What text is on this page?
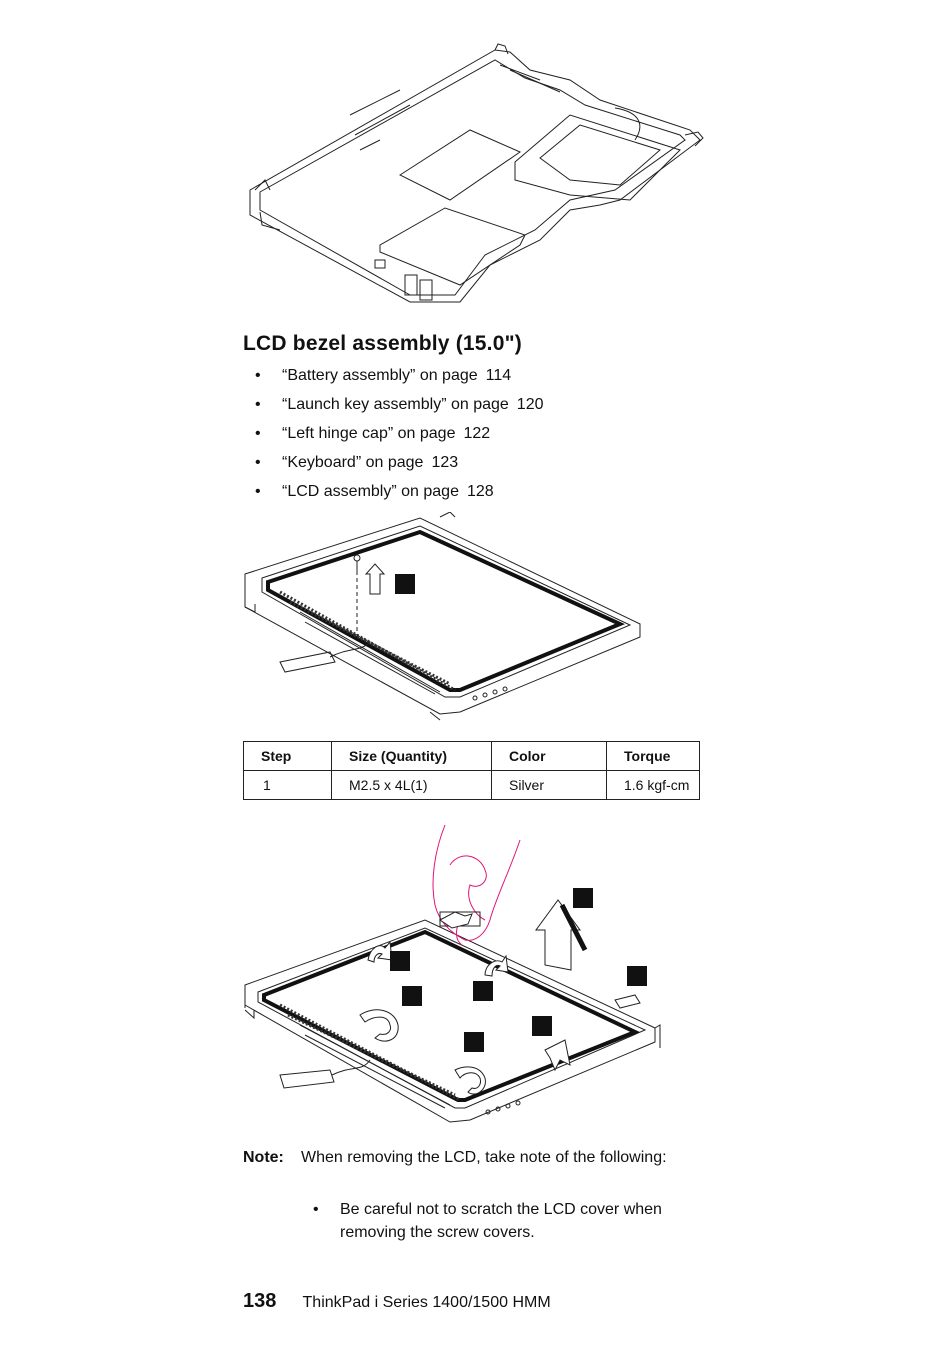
LCD bezel assembly (15.0")
•	“Battery assembly” on page 114
•	“Launch key assembly” on page 120
•	“Left hinge cap” on page 122
•	“Keyboard” on page 123
•	“LCD assembly” on page 128
Step	Size (Quantity)	Color	Torque
1	M2.5 x 4L(1)	Silver	1.6 kgf-cm
Note: When removing the LCD, take note of the following:
•	Be careful not to scratch the LCD cover when removing the screw covers.
138 ThinkPad i Series 1400/1500 HMM
